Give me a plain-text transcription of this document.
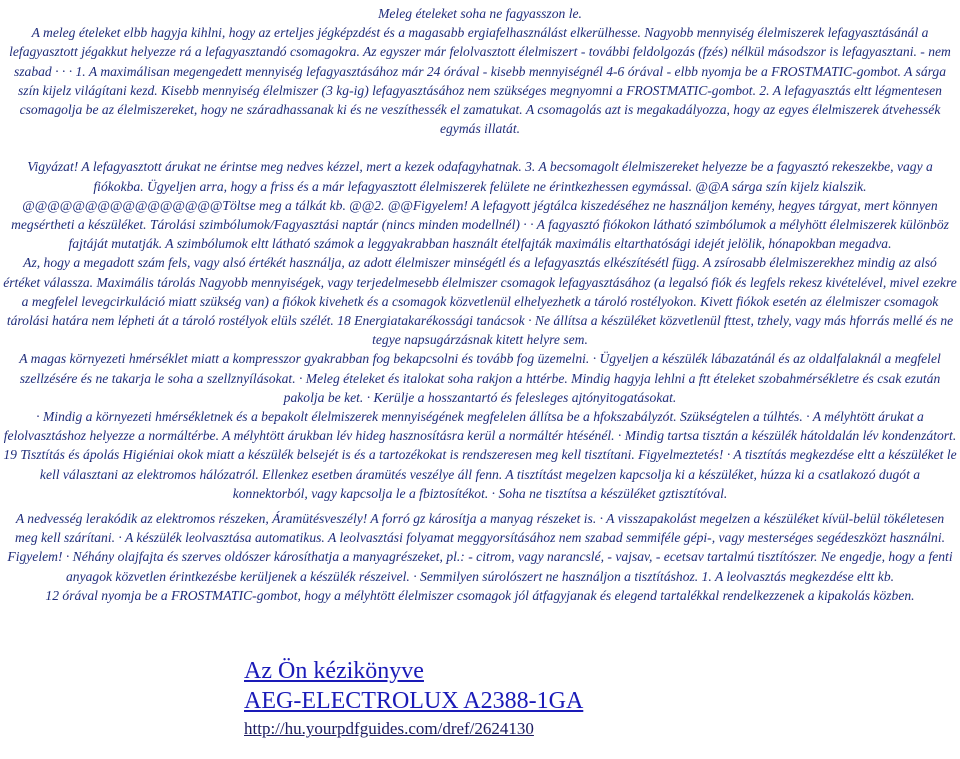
Meleg ételeket soha ne fagyasszon le.

A meleg ételeket elbb hagyja kihlni, hogy az erteljes jégképzdést és a magasabb ergiafelhasználást elkerülhesse. Nagyobb mennyiség élelmiszerek lefagyasztásánál a lefagyasztott jégakkut helyezze rá a lefagyasztandó csomagokra. Az egyszer már felolvasztott élelmiszert - további feldolgozás (fzés) nélkül másodszor is lefagyasztani. - nem szabad · · · 1. A maximálisan megengedett mennyiség lefagyasztásához már 24 órával - kisebb mennyiségnél 4-6 órával - elbb nyomja be a FROSTMATIC-gombot. A sárga szín kijelz világítani kezd. Kisebb mennyiség élelmiszer (3 kg-ig) lefagyasztásához nem szükséges megnyomni a FROSTMATIC-gombot. 2. A lefagyasztás eltt légmentesen csomagolja be az élelmiszereket, hogy ne száradhassanak ki és ne veszíthessék el zamatukat. A csomagolás azt is megakadályozza, hogy az egyes élelmiszerek átvehessék egymás illatát.

Vigyázat! A lefagyasztott árukat ne érintse meg nedves kézzel, mert a kezek odafagyhatnak. 3. A becsomagolt élelmiszereket helyezze be a fagyasztó rekeszekbe, vagy a fiókokba. Ügyeljen arra, hogy a friss és a már lefagyasztott élelmiszerek felülete ne érintkezhessen egymással. @@A sárga szín kijelz kialszik. @@@@@@@@@@@@@@@@Töltse meg a tálkát kb. @@2. @@Figyelem! A lefagyott jégtálca kiszedéséhez ne használjon kemény, hegyes tárgyat, mert könnyen megsértheti a készüléket. Tárolási szimbólumok/Fagyasztási naptár (nincs minden modellnél) · · A fagyasztó fiókokon látható szimbólumok a mélyhött élelmiszerek különböz fajtáját mutatják. A szimbólumok eltt látható számok a leggyakrabban használt ételfajták maximális eltarthatósági idejét jelölik, hónapokban megadva.

Az, hogy a megadott szám fels, vagy alsó értékét használja, az adott élelmiszer minségétl és a lefagyasztás elkészítésétl függ. A zsírosabb élelmiszerekhez mindig az alsó értéket válassza. Maximális tárolás Nagyobb mennyiségek, vagy terjedelmesebb élelmiszer csomagok lefagyasztásához (a legalsó fiók és legfels rekesz kivételével, mivel ezekre a megfelel levegcirkuláció miatt szükség van) a fiókok kivehetk és a csomagok közvetlenül elhelyezhetk a tároló rostélyokon. Kivett fiókok esetén az élelmiszer csomagok tárolási határa nem lépheti át a tároló rostélyok elüls szélét. 18 Energiatakarékossági tanácsok · Ne állítsa a készüléket közvetlenül fttest, tzhely, vagy más hforrás mellé és ne tegye napsugárzásnak kitett helyre sem.

A magas környezeti hmérséklet miatt a kompresszor gyakrabban fog bekapcsolni és tovább fog üzemelni. · Ügyeljen a készülék lábazatánál és az oldalfalaknál a megfelel szellzésére és ne takarja le soha a szellznyílásokat. · Meleg ételeket és italokat soha rakjon a httérbe. Mindig hagyja lehlni a ftt ételeket szobahmérsékletre és csak ezután pakolja be ket. · Kerülje a hosszantartó és felesleges ajtónyitogatásokat.

· Mindig a környezeti hmérsékletnek és a bepakolt élelmiszerek mennyiségének megfelelen állítsa be a hfokszabályzót. Szükségtelen a túlhtés. · A mélyhtött árukat a felolvasztáshoz helyezze a normáltérbe. A mélyhtött árukban lév hideg hasznosításra kerül a normáltér htésénél. · Mindig tartsa tisztán a készülék hátoldalán lév kondenzátort. 19 Tisztítás és ápolás Higiéniai okok miatt a készülék belsejét is és a tartozékokat is rendszeresen meg kell tisztítani. Figyelmeztetés! · A tisztítás megkezdése eltt a készüléket le kell választani az elektromos hálózatról. Ellenkez esetben áramütés veszélye áll fenn. A tisztítást megelzen kapcsolja ki a készüléket, húzza ki a csatlakozó dugót a konnektorból, vagy kapcsolja le a fbiztosítékot. · Soha ne tisztítsa a készüléket gztisztítóval.

A nedvesség lerakódik az elektromos részeken, Áramütésveszély! A forró gz károsítja a manyag részeket is. · A visszapakolást megelzen a készüléket kívül-belül tökéletesen meg kell szárítani. · A készülék leolvasztása automatikus. A leolvasztási folyamat meggyorsításához nem szabad semmiféle gépi-, vagy mesterséges segédeszközt használni. Figyelem! · Néhány olajfajta és szerves oldószer károsíthatja a manyagrészeket, pl.: - citrom, vagy narancslé, - vajsav, - ecetsav tartalmú tisztítószer. Ne engedje, hogy a fenti anyagok közvetlen érintkezésbe kerüljenek a készülék részeivel. · Semmilyen súrolószert ne használjon a tisztításhoz. 1. A leolvasztás megkezdése eltt kb.

12 órával nyomja be a FROSTMATIC-gombot, hogy a mélyhtött élelmiszer csomagok jól átfagyjanak és elegend tartalékkal rendelkezzenek a kipakolás közben.

Az Ön kézikönyve
AEG-ELECTROLUX A2388-1GA
http://hu.yourpdfguides.com/dref/2624130
